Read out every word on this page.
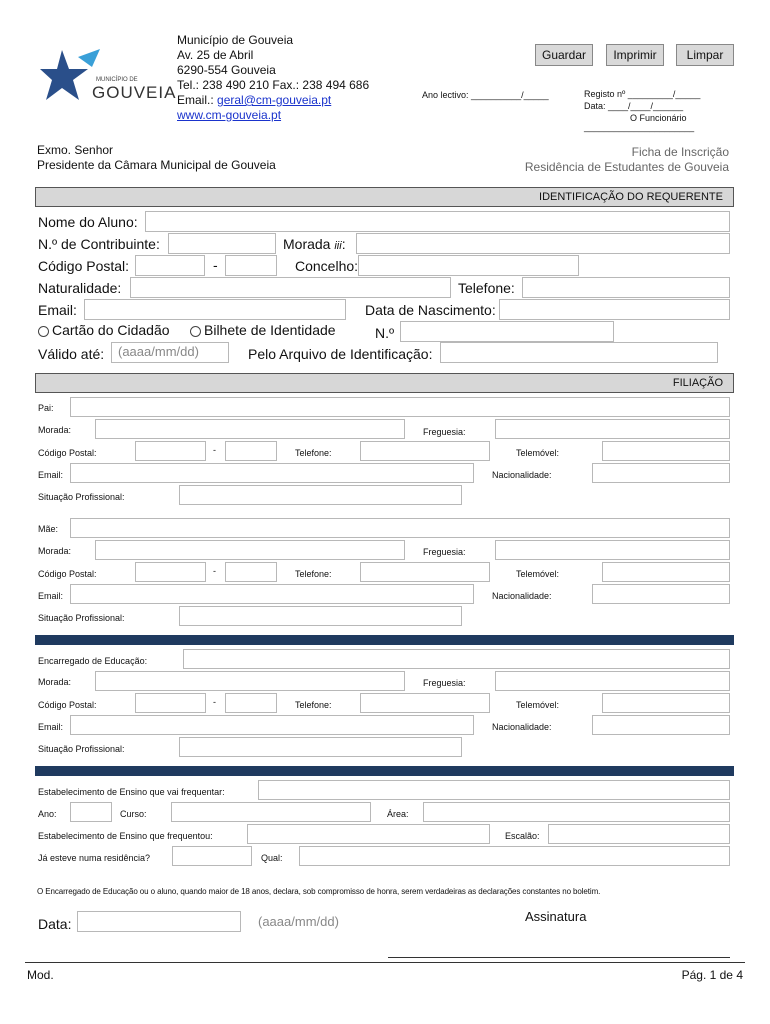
MUNICÍPIO DE
GOUVEIA
Município de Gouveia
Av. 25 de Abril
6290-554 Gouveia
Tel.: 238 490 210 Fax.: 238 494 686
Email.: geral@cm-gouveia.pt
www.cm-gouveia.pt
Guardar	Imprimir	Limpar
Ano lectivo: __________/_____	Registo nº _________/_____
Data: ____/____/______
O Funcionário
______________________
Exmo. Senhor
Presidente da Câmara Municipal de Gouveia
Ficha de Inscrição
Residência de Estudantes de Gouveia
IDENTIFICAÇÃO DO REQUERENTE
Nome do Aluno:
N.º de Contribuinte:	Morada iii:
Código Postal:	-	Concelho:
Naturalidade:	Telefone:
Email:	Data de Nascimento:
Cartão do Cidadão	Bilhete de Identidade	N.º
Válido até: (aaaa/mm/dd)	Pelo Arquivo de Identificação:
FILIAÇÃO
Pai:
Morada:	Freguesia:
Código Postal:	-	Telefone:	Telemóvel:
Email:	Nacionalidade:
Situação Profissional:
Mãe:
Morada:	Freguesia:
Código Postal:	-	Telefone:	Telemóvel:
Email:	Nacionalidade:
Situação Profissional:
Encarregado de Educação:
Morada:	Freguesia:
Código Postal:	-	Telefone:	Telemóvel:
Email:	Nacionalidade:
Situação Profissional:
Estabelecimento de Ensino que vai frequentar:
Ano:	Curso:	Área:
Estabelecimento de Ensino que frequentou:	Escalão:
Já esteve numa residência?	Qual:
O Encarregado de Educação ou o aluno, quando maior de 18 anos, declara, sob compromisso de honra, serem verdadeiras as declarações constantes no boletim.
Data:	(aaaa/mm/dd)	Assinatura
Mod.	Pág. 1 de 4
